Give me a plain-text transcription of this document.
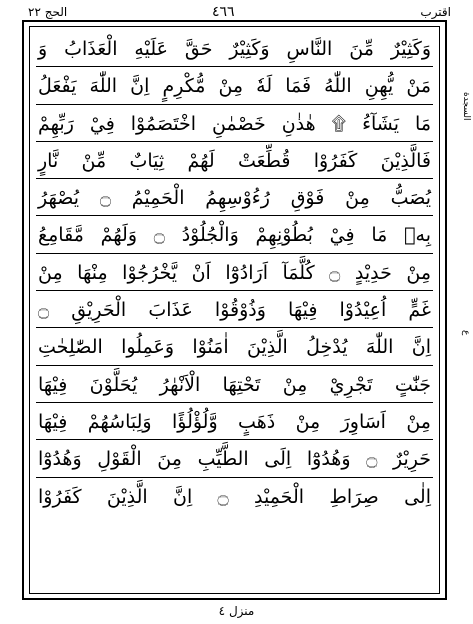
الحج ٢٢	٤٦٦	اقترب
السجدة
ع
وَكَثِيْرٌ مِّنَ النَّاسِ وَكَثِيْرٌ حَقَّ عَلَيْهِ الْعَذَابُ وَ
مَنْ يُّهِنِ اللّٰهُ فَمَا لَهٗ مِنْ مُّكْرِمٍ اِنَّ اللّٰهَ يَفْعَلُ
مَا يَشَآءُ ۩ هٰذٰنِ خَصْمٰنِ اخْتَصَمُوْا فِيْ رَبِّهِمْ
فَالَّذِيْنَ كَفَرُوْا قُطِّعَتْ لَهُمْ ثِيَابٌ مِّنْ نَّارٍ
يُصَبُّ مِنْ فَوْقِ رُءُوْسِهِمُ الْحَمِيْمُ ۝ يُصْهَرُ
بِهٖ مَا فِيْ بُطُوْنِهِمْ وَالْجُلُوْدُ ۝ وَلَهُمْ مَّقَامِعُ
مِنْ حَدِيْدٍ ۝ كُلَّمَآ اَرَادُوْٓا اَنْ يَّخْرُجُوْا مِنْهَا مِنْ
غَمٍّ اُعِيْدُوْا فِيْهَا وَذُوْقُوْا عَذَابَ الْحَرِيْقِ ۝
اِنَّ اللّٰهَ يُدْخِلُ الَّذِيْنَ اٰمَنُوْا وَعَمِلُوا الصّٰلِحٰتِ
جَنّٰتٍ تَجْرِيْ مِنْ تَحْتِهَا الْاَنْهٰرُ يُحَلَّوْنَ فِيْهَا
مِنْ اَسَاوِرَ مِنْ ذَهَبٍ وَّلُؤْلُؤًا وَلِبَاسُهُمْ فِيْهَا
حَرِيْرٌ ۝ وَهُدُوْٓا اِلَى الطَّيِّبِ مِنَ الْقَوْلِ وَهُدُوْٓا
اِلٰى صِرَاطِ الْحَمِيْدِ ۝ اِنَّ الَّذِيْنَ كَفَرُوْا
منزل ٤
